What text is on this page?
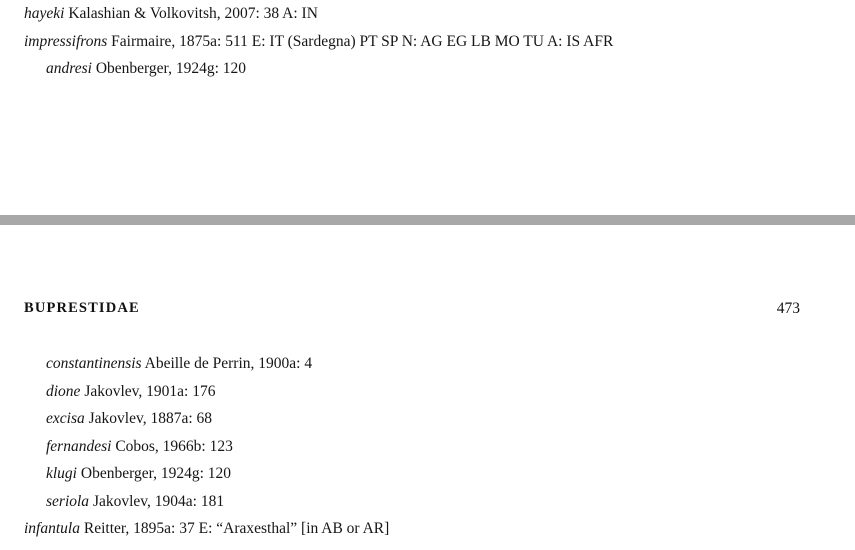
hayeki Kalashian & Volkovitsh, 2007: 38 A: IN
impressifrons Fairmaire, 1875a: 511 E: IT (Sardegna) PT SP N: AG EG LB MO TU A: IS AFR
andresi Obenberger, 1924g: 120
BUPRESTIDAE	473
constantinensis Abeille de Perrin, 1900a: 4
dione Jakovlev, 1901a: 176
excisa Jakovlev, 1887a: 68
fernandesi Cobos, 1966b: 123
klugi Obenberger, 1924g: 120
seriola Jakovlev, 1904a: 181
infantula Reitter, 1895a: 37 E: “Araxesthal” [in AB or AR]
